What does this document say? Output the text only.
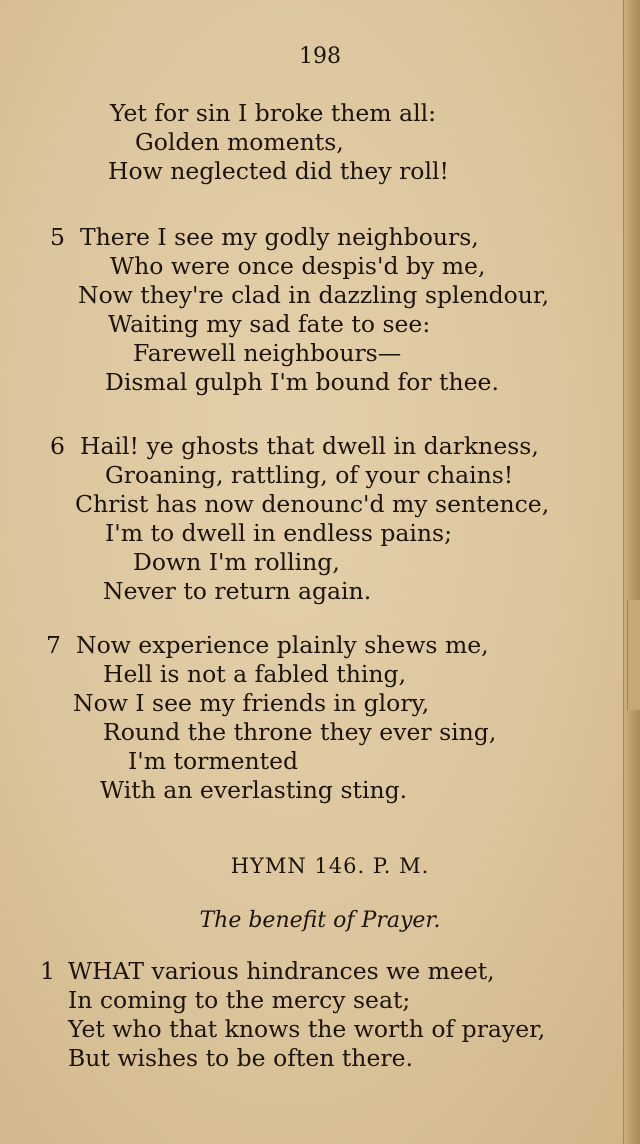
198
Yet for sin I broke them all:
Golden moments,
How neglected did they roll!
5 There I see my godly neighbours,
Who were once despis'd by me,
Now they're clad in dazzling splendour,
Waiting my sad fate to see:
Farewell neighbours—
Dismal gulph I'm bound for thee.
6 Hail! ye ghosts that dwell in darkness,
Groaning, rattling, of your chains!
Christ has now denounc'd my sentence,
I'm to dwell in endless pains;
Down I'm rolling,
Never to return again.
7 Now experience plainly shews me,
Hell is not a fabled thing,
Now I see my friends in glory,
Round the throne they ever sing,
I'm tormented
With an everlasting sting.
HYMN 146. P. M.
The benefit of Prayer.
1 WHAT various hindrances we meet,
In coming to the mercy seat;
Yet who that knows the worth of prayer,
But wishes to be often there.
